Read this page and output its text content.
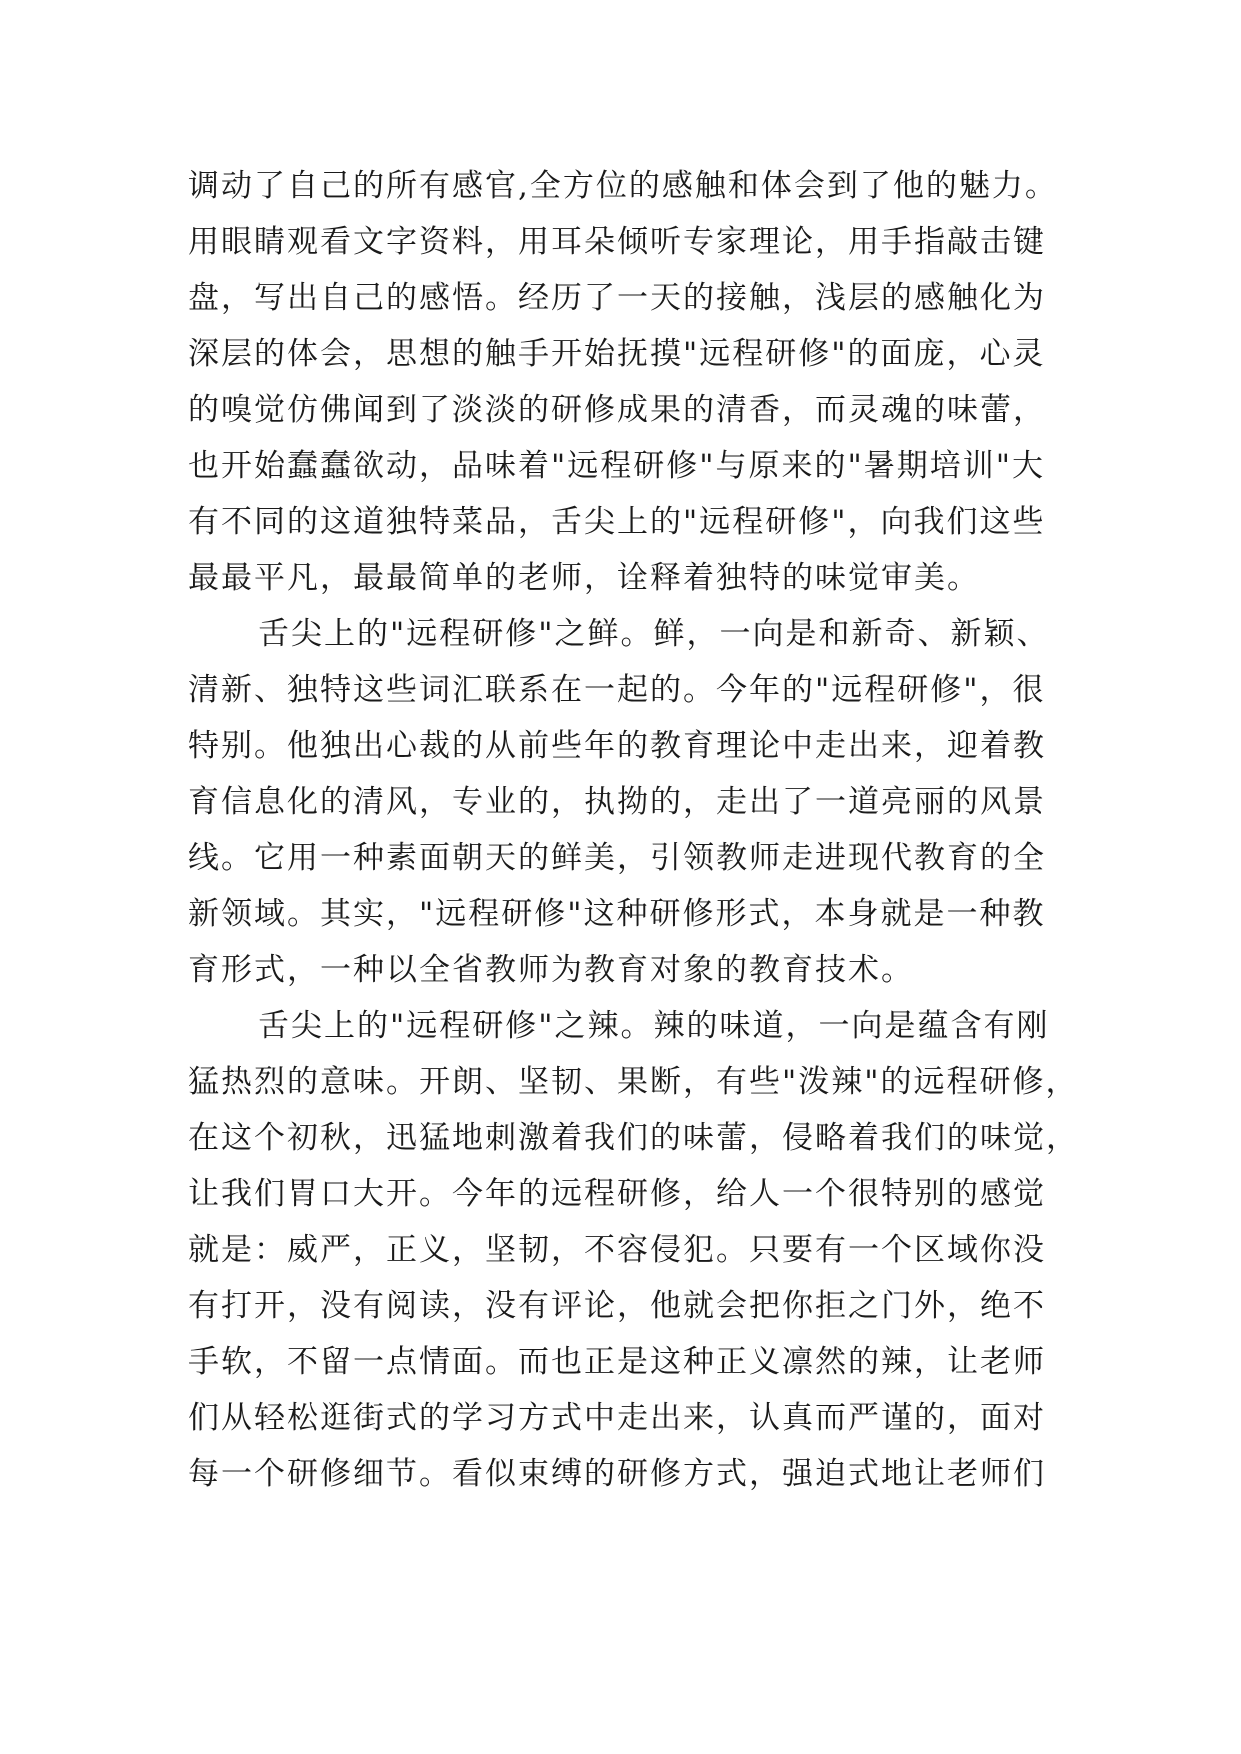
调动了自己的所有感官,全方位的感触和体会到了他的魅力。
用眼睛观看文字资料，用耳朵倾听专家理论，用手指敲击键
盘，写出自己的感悟。经历了一天的接触，浅层的感触化为
深层的体会，思想的触手开始抚摸"远程研修"的面庞，心灵
的嗅觉仿佛闻到了淡淡的研修成果的清香，而灵魂的味蕾，
也开始蠢蠢欲动，品味着"远程研修"与原来的"暑期培训"大
有不同的这道独特菜品，舌尖上的"远程研修"，向我们这些
最最平凡，最最简单的老师，诠释着独特的味觉审美。
舌尖上的"远程研修"之鲜。鲜，一向是和新奇、新颖、
清新、独特这些词汇联系在一起的。今年的"远程研修"，很
特别。他独出心裁的从前些年的教育理论中走出来，迎着教
育信息化的清风，专业的，执拗的，走出了一道亮丽的风景
线。它用一种素面朝天的鲜美，引领教师走进现代教育的全
新领域。其实，"远程研修"这种研修形式，本身就是一种教
育形式，一种以全省教师为教育对象的教育技术。
舌尖上的"远程研修"之辣。辣的味道，一向是蕴含有刚
猛热烈的意味。开朗、坚韧、果断，有些"泼辣"的远程研修，
在这个初秋，迅猛地刺激着我们的味蕾，侵略着我们的味觉，
让我们胃口大开。今年的远程研修，给人一个很特别的感觉
就是：威严，正义，坚韧，不容侵犯。只要有一个区域你没
有打开，没有阅读，没有评论，他就会把你拒之门外，绝不
手软，不留一点情面。而也正是这种正义凛然的辣，让老师
们从轻松逛街式的学习方式中走出来，认真而严谨的，面对
每一个研修细节。看似束缚的研修方式，强迫式地让老师们
